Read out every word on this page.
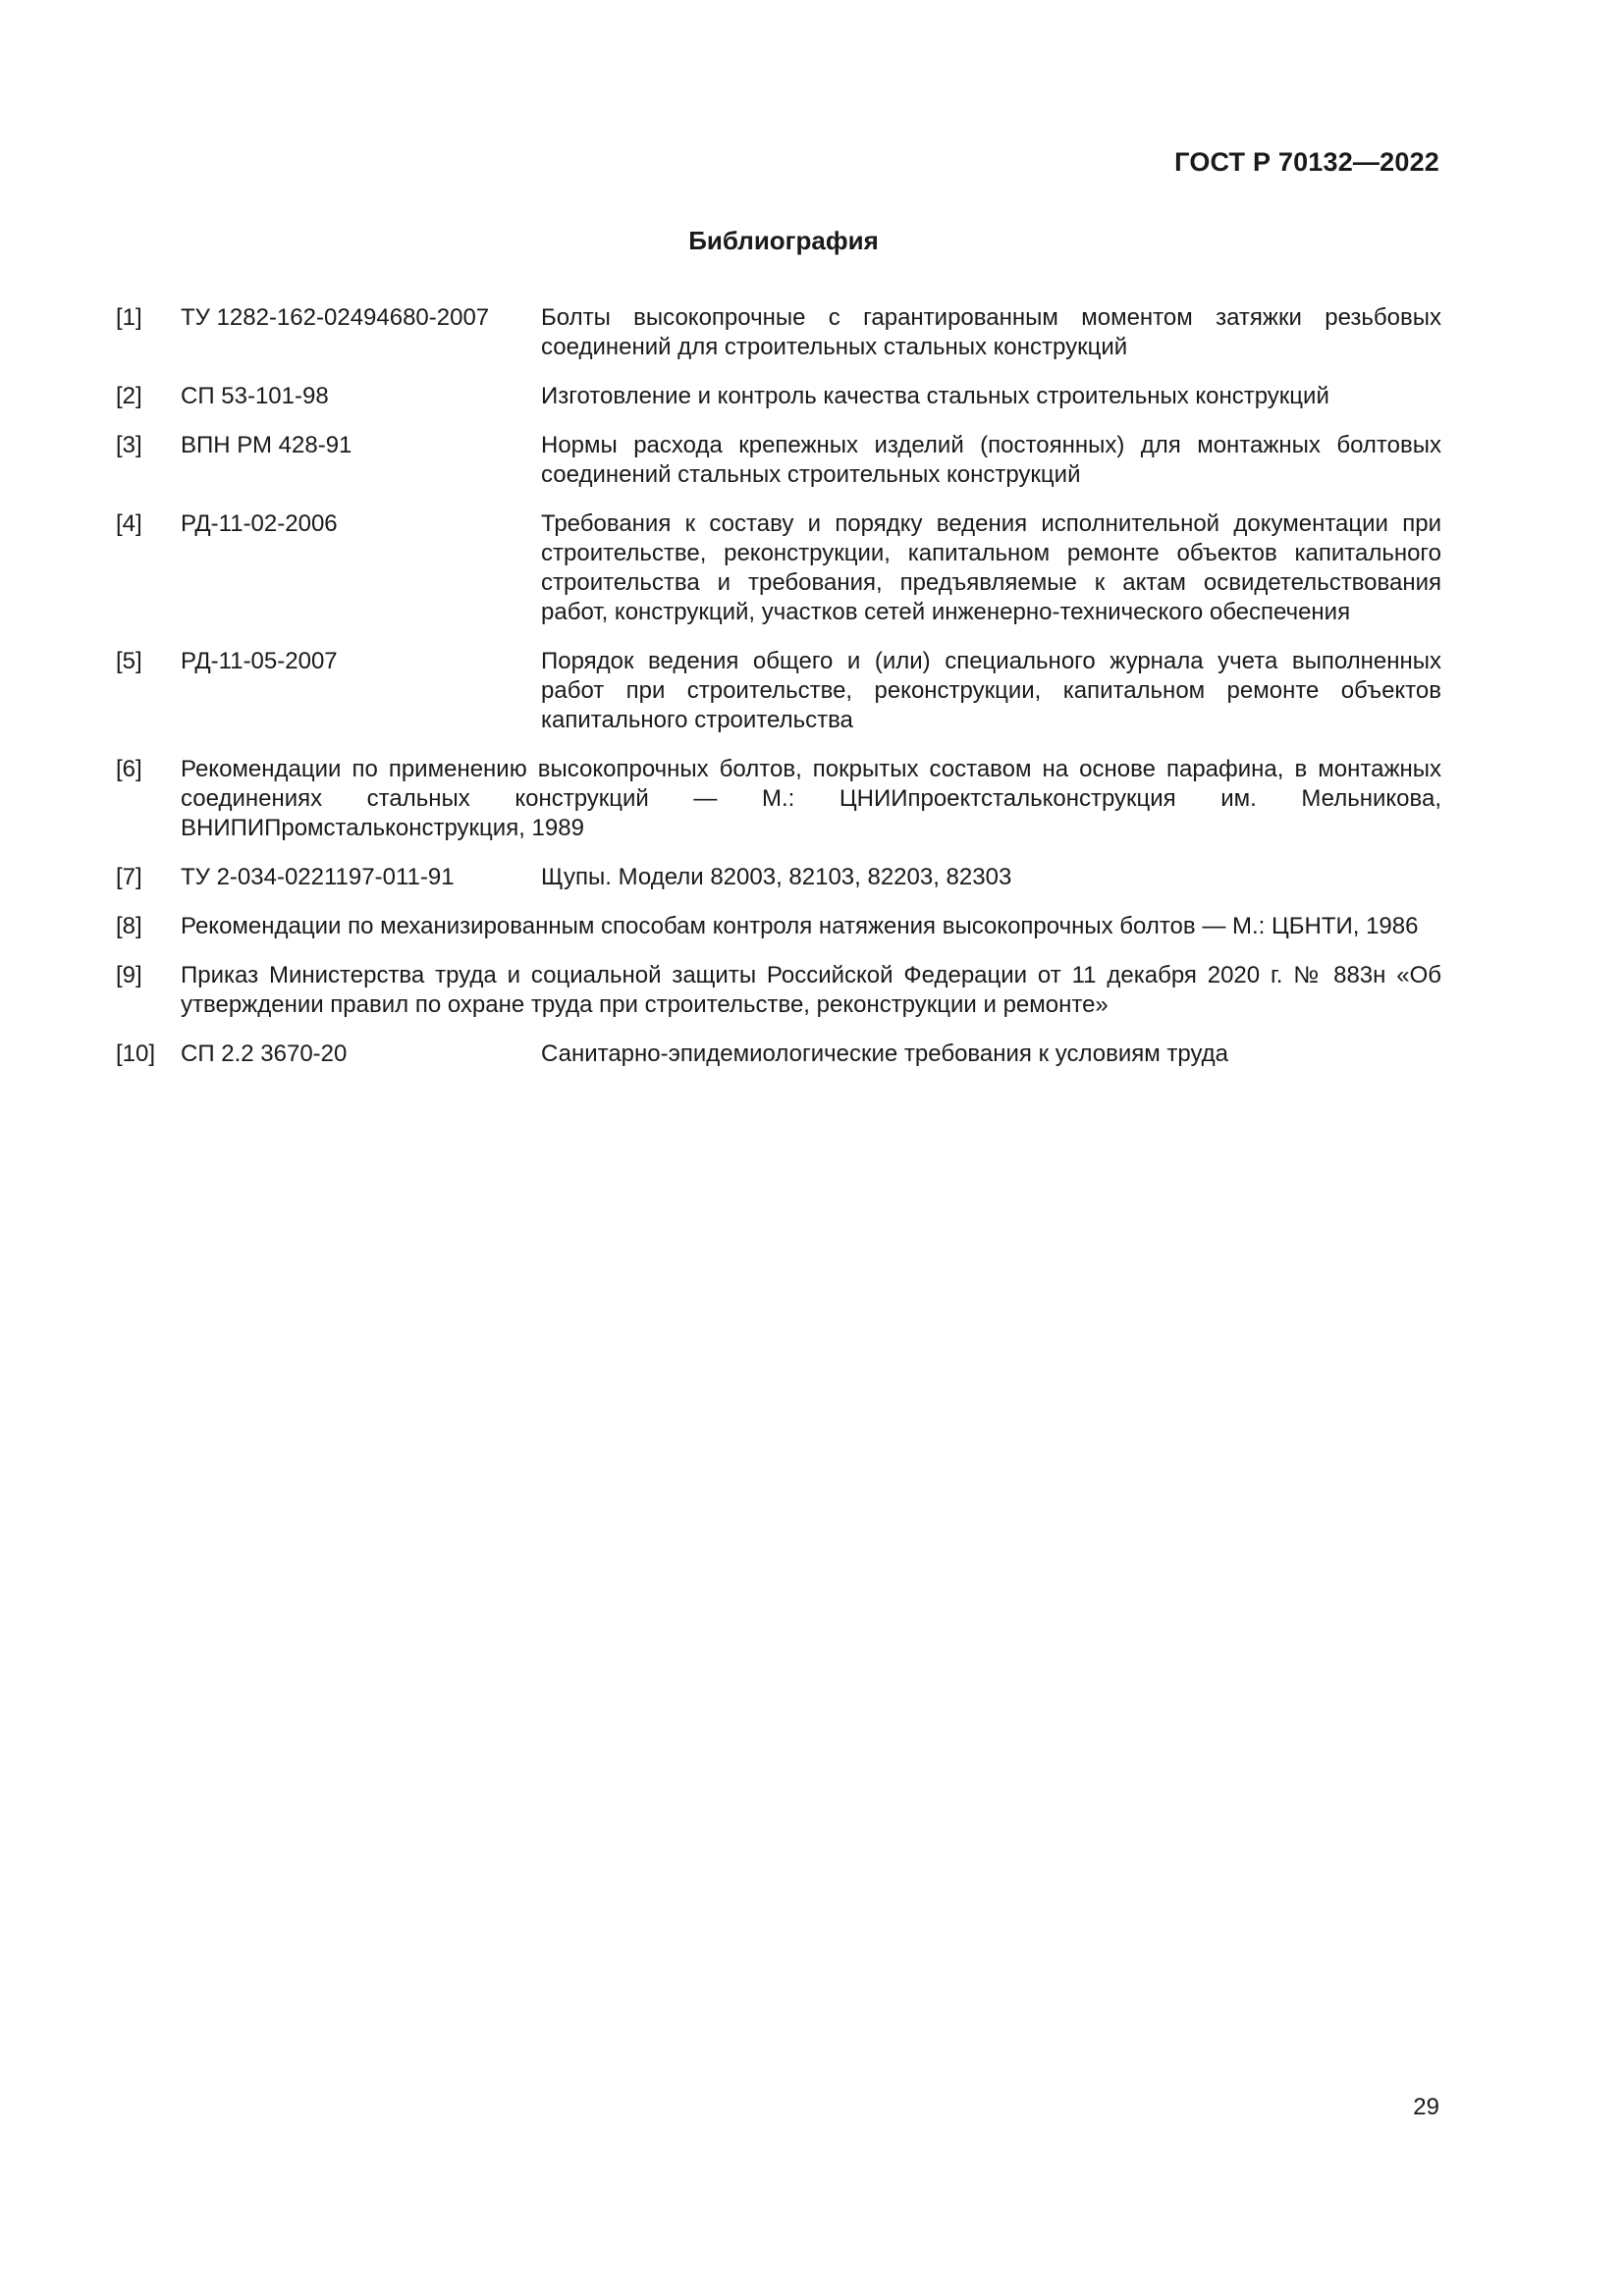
ГОСТ Р 70132—2022
Библиография
[1]	ТУ 1282-162-02494680-2007	Болты высокопрочные с гарантированным моментом затяжки резьбовых соединений для строительных стальных конструкций
[2]	СП 53-101-98	Изготовление и контроль качества стальных строительных конструкций
[3]	ВПН РМ 428-91	Нормы расхода крепежных изделий (постоянных) для монтажных болтовых соединений стальных строительных конструкций
[4]	РД-11-02-2006	Требования к составу и порядку ведения исполнительной документации при строительстве, реконструкции, капитальном ремонте объектов капитального строительства и требования, предъявляемые к актам освидетельствования работ, конструкций, участков сетей инженерно-технического обеспечения
[5]	РД-11-05-2007	Порядок ведения общего и (или) специального журнала учета выполненных работ при строительстве, реконструкции, капитальном ремонте объектов капитального строительства
[6]	Рекомендации по применению высокопрочных болтов, покрытых составом на основе парафина, в монтажных соединениях стальных конструкций — М.: ЦНИИпроектстальконструкция им. Мельникова, ВНИПИПромстальконструкция, 1989
[7]	ТУ 2-034-0221197-011-91	Щупы. Модели 82003, 82103, 82203, 82303
[8]	Рекомендации по механизированным способам контроля натяжения высокопрочных болтов — М.: ЦБНТИ, 1986
[9]	Приказ Министерства труда и социальной защиты Российской Федерации от 11 декабря 2020 г. № 883н «Об утверждении правил по охране труда при строительстве, реконструкции и ремонте»
[10]	СП 2.2 3670-20	Санитарно-эпидемиологические требования к условиям труда
29
